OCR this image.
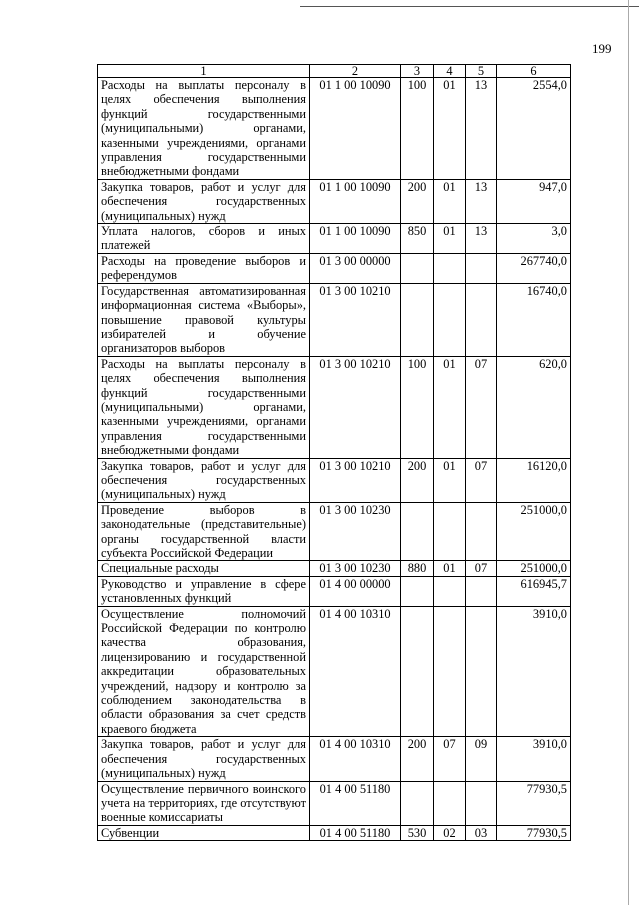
199
1	2	3	4	5	6
Расходы на выплаты персоналу в целях обеспечения выполнения функций государственными (муниципальными) органами, казенными учреждениями, органами управления государственными внебюджетными фондами	01 1 00 10090	100	01	13	2554,0
Закупка товаров, работ и услуг для обеспечения государственных (муниципальных) нужд	01 1 00 10090	200	01	13	947,0
Уплата налогов, сборов и иных платежей	01 1 00 10090	850	01	13	3,0
Расходы на проведение выборов и референдумов	01 3 00 00000				267740,0
Государственная автоматизированная информационная система «Выборы», повышение правовой культуры избирателей и обучение организаторов выборов	01 3 00 10210				16740,0
Расходы на выплаты персоналу в целях обеспечения выполнения функций государственными (муниципальными) органами, казенными учреждениями, органами управления государственными внебюджетными фондами	01 3 00 10210	100	01	07	620,0
Закупка товаров, работ и услуг для обеспечения государственных (муниципальных) нужд	01 3 00 10210	200	01	07	16120,0
Проведение выборов в законодательные (представительные) органы государственной власти субъекта Российской Федерации	01 3 00 10230				251000,0
Специальные расходы	01 3 00 10230	880	01	07	251000,0
Руководство и управление в сфере установленных функций	01 4 00 00000				616945,7
Осуществление полномочий Российской Федерации по контролю качества образования, лицензированию и государственной аккредитации образовательных учреждений, надзору и контролю за соблюдением законодательства в области образования за счет средств краевого бюджета	01 4 00 10310				3910,0
Закупка товаров, работ и услуг для обеспечения государственных (муниципальных) нужд	01 4 00 10310	200	07	09	3910,0
Осуществление первичного воинского учета на территориях, где отсутствуют военные комиссариаты	01 4 00 51180				77930,5
Субвенции	01 4 00 51180	530	02	03	77930,5
